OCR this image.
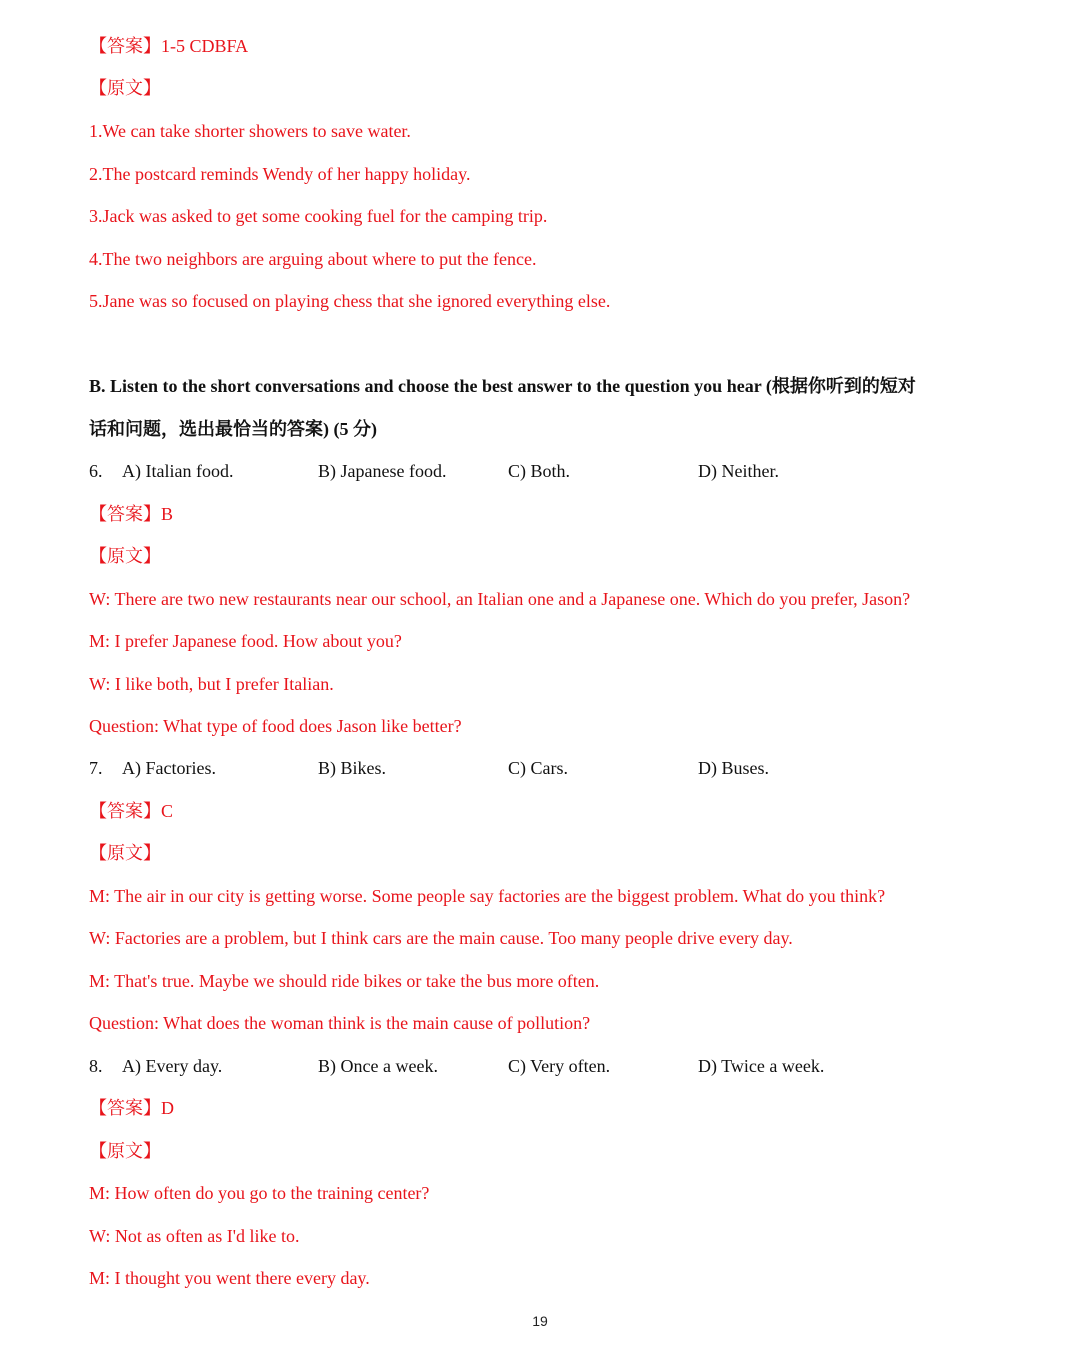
【答案】1-5 CDBFA
【原文】
1.We can take shorter showers to save water.
2.The postcard reminds Wendy of her happy holiday.
3.Jack was asked to get some cooking fuel for the camping trip.
4.The two neighbors are arguing about where to put the fence.
5.Jane was so focused on playing chess that she ignored everything else.
B. Listen to the short conversations and choose the best answer to the question you hear (根据你听到的短对
话和问题，选出最恰当的答案) (5 分)
6. A) Italian food.	B) Japanese food.	C) Both.	D) Neither.
【答案】B
【原文】
W: There are two new restaurants near our school, an Italian one and a Japanese one. Which do you prefer, Jason?
M: I prefer Japanese food. How about you?
W: I like both, but I prefer Italian.
Question: What type of food does Jason like better?
7. A) Factories.	B) Bikes.	C) Cars.	D) Buses.
【答案】C
【原文】
M: The air in our city is getting worse. Some people say factories are the biggest problem. What do you think?
W: Factories are a problem, but I think cars are the main cause. Too many people drive every day.
M: That's true. Maybe we should ride bikes or take the bus more often.
Question: What does the woman think is the main cause of pollution?
8. A) Every day.	B) Once a week.	C) Very often.	D) Twice a week.
【答案】D
【原文】
M: How often do you go to the training center?
W: Not as often as I'd like to.
M: I thought you went there every day.
19
